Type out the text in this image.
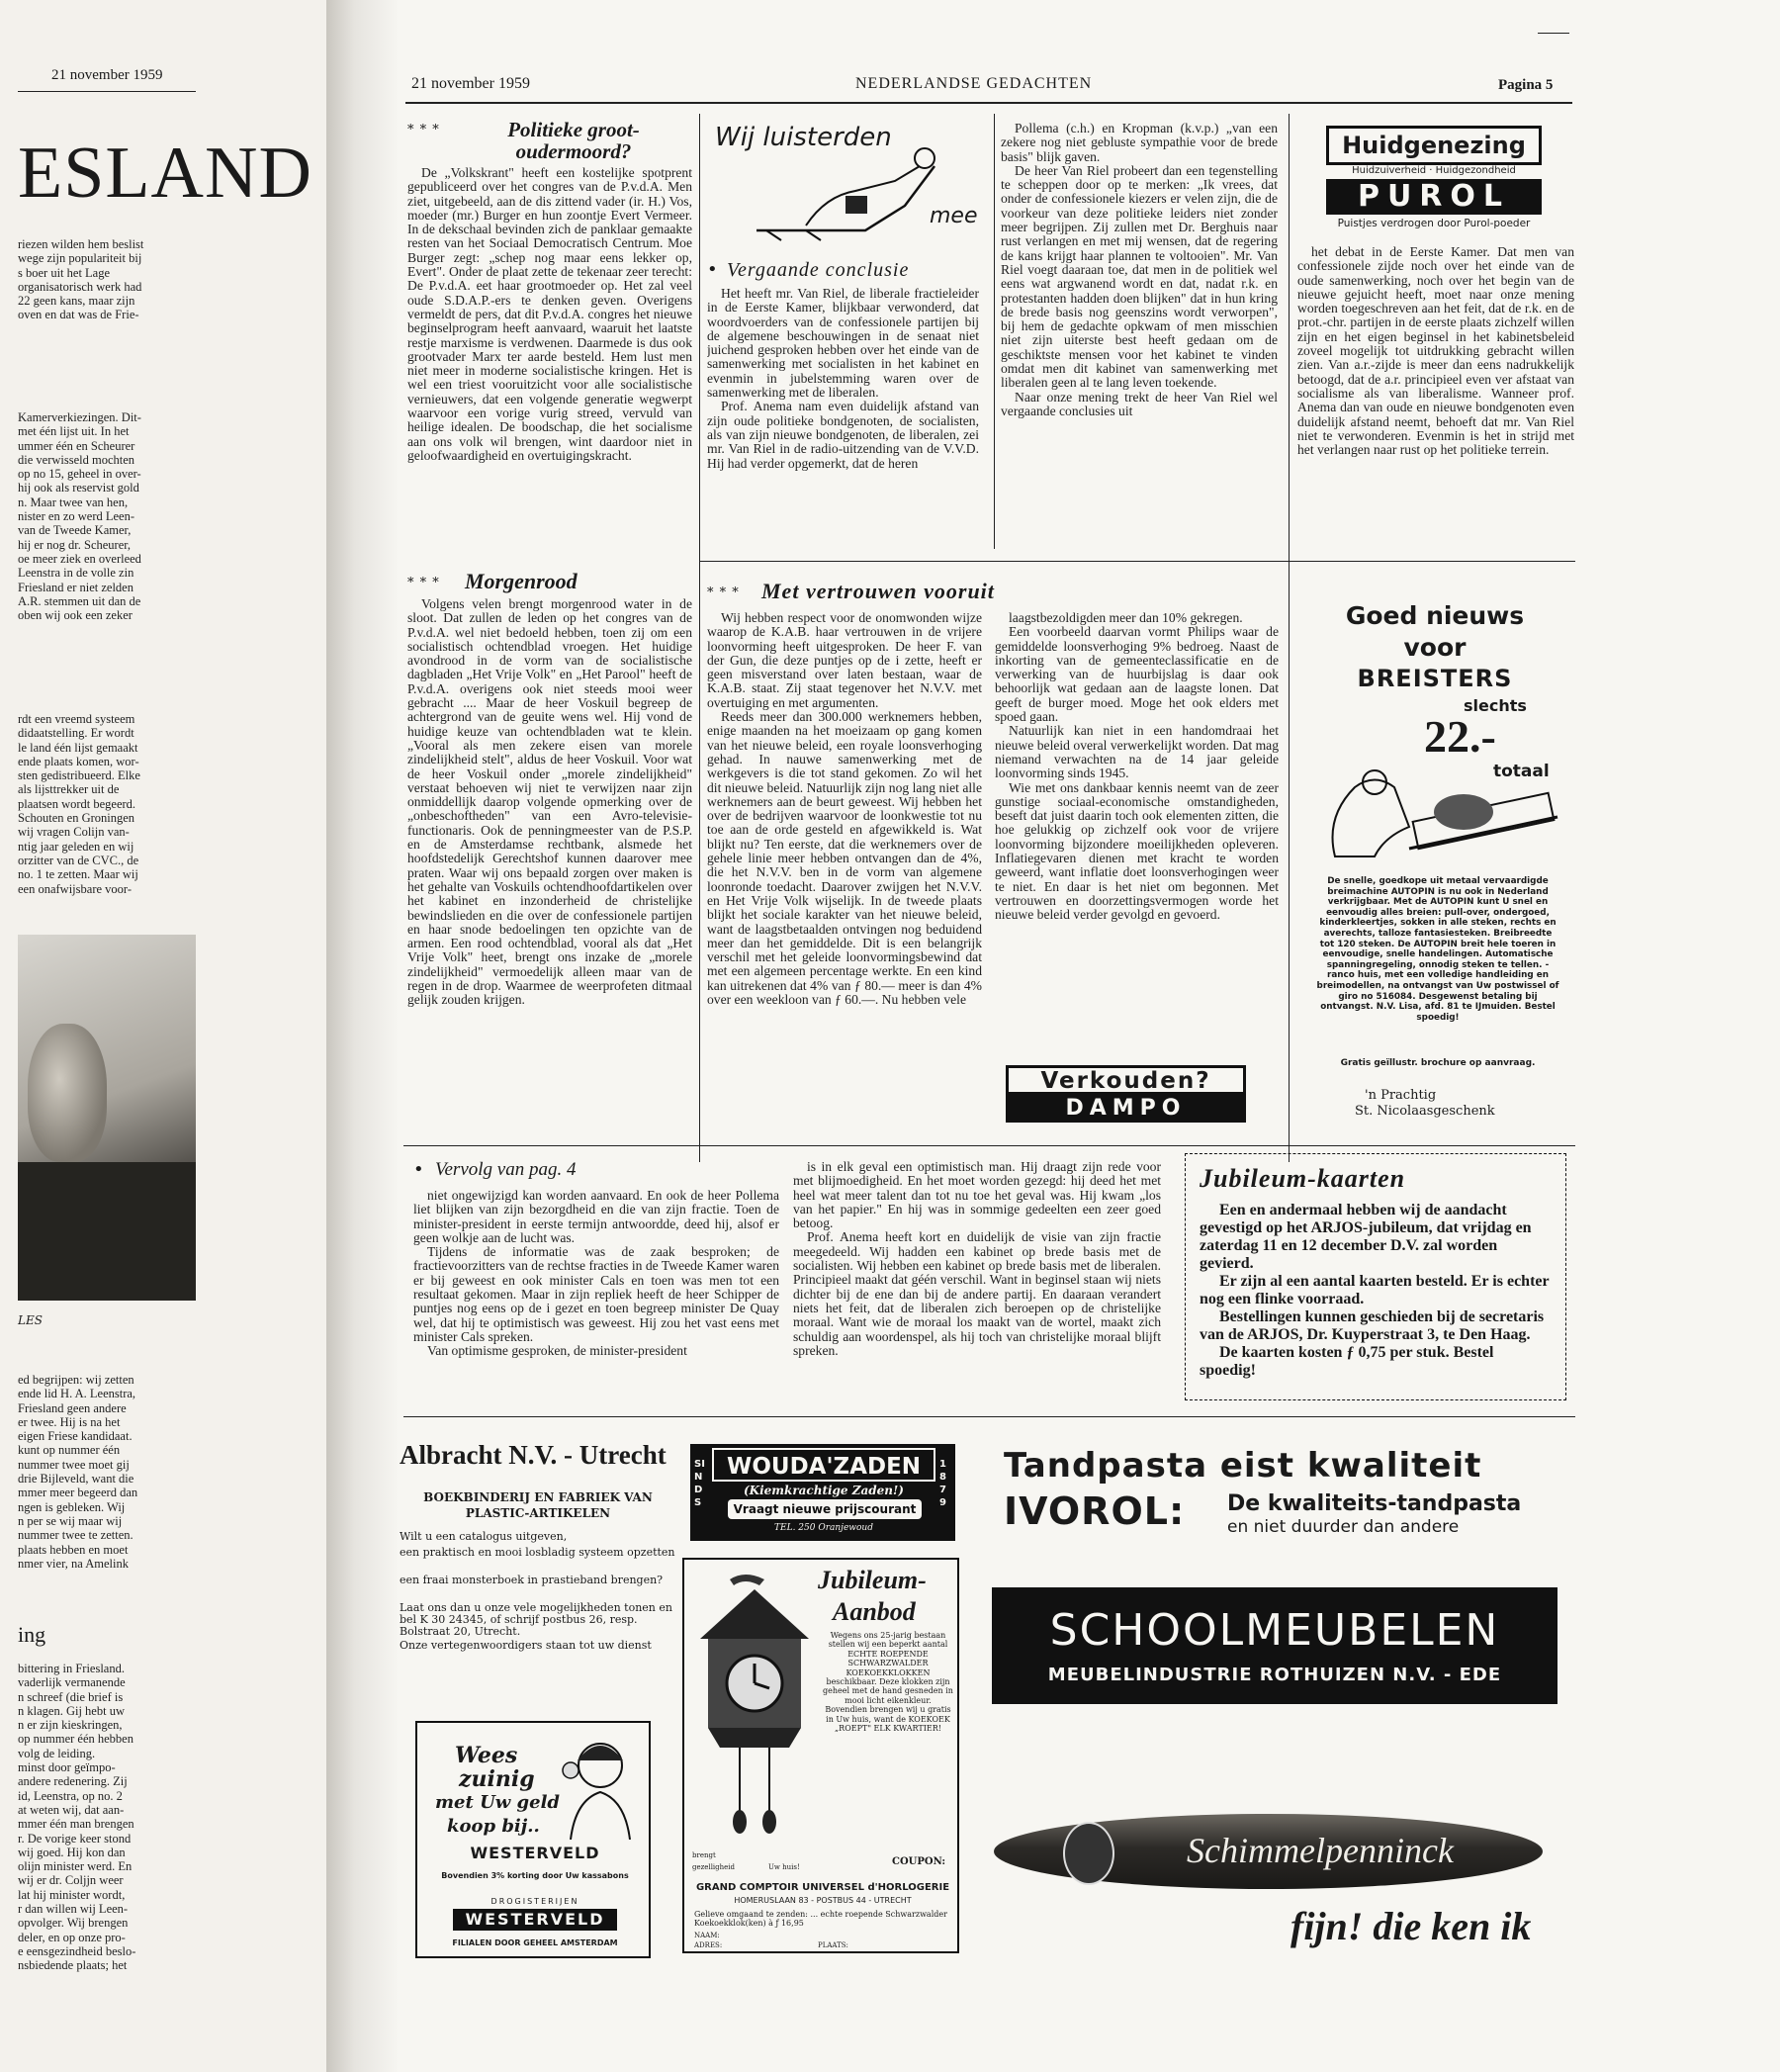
21 november 1959
ESLAND
riezen wilden hem beslist
wege zijn populariteit bij
s boer uit het Lage
organisatorisch werk had
22 geen kans, maar zijn
oven en dat was de Frie-
Kamerverkiezingen. Dit-
met één lijst uit. In het
ummer één en Scheurer
die verwisseld mochten
op no 15, geheel in over-
hij ook als reservist gold
n. Maar twee van hen,
nister en zo werd Leen-
van de Tweede Kamer,
hij er nog dr. Scheurer,
oe meer ziek en overleed
Leenstra in de volle zin
Friesland er niet zelden
A.R. stemmen uit dan de
oben wij ook een zeker
rdt een vreemd systeem
didaatstelling. Er wordt
le land één lijst gemaakt
ende plaats komen, wor-
sten gedistribueerd. Elke
als lijsttrekker uit de
plaatsen wordt begeerd.
Schouten en Groningen
wij vragen Colijn van-
ntig jaar geleden en wij
orzitter van de CVC., de
no. 1 te zetten. Maar wij
een onafwijsbare voor-
LES
ed begrijpen: wij zetten
ende lid H. A. Leenstra,
Friesland geen andere
er twee. Hij is na het
eigen Friese kandidaat.
kunt op nummer één
nummer twee moet gij
drie Bijleveld, want die
mmer meer begeerd dan
ngen is gebleken. Wij
n per se wij maar wij
nummer twee te zetten.
plaats hebben en moet
nmer vier, na Amelink
ing
bittering in Friesland.
vaderlijk vermanende
n schreef (die brief is
n klagen. Gij hebt uw
n er zijn kieskringen,
op nummer één hebben
volg de leiding.
minst door geïmpo-
andere redenering. Zij
id, Leenstra, op no. 2
at weten wij, dat aan-
mmer één man brengen
r. De vorige keer stond
wij goed. Hij kon dan
olijn minister werd. En
wij er dr. Coljjn weer
lat hij minister wordt,
r dan willen wij Leen-
opvolger. Wij brengen
deler, en op onze pro-
e eensgezindheid beslo-
nsbiedende plaats; het
21 november 1959	NEDERLANDSE GEDACHTEN	Pagina 5
* * *	Politieke groot-oudermoord?

De „Volkskrant" heeft een kostelijke spotprent gepubliceerd over het congres van de P.v.d.A. Men ziet, uitgebeeld, aan de dis zittend vader (ir. H.) Vos, moeder (mr.) Burger en hun zoontje Evert Vermeer. In de dekschaal bevinden zich de panklaar gemaakte resten van het Sociaal Democratisch Centrum. Moe Burger zegt: „schep nog maar eens lekker op, Evert". Onder de plaat zette de tekenaar zeer terecht: De P.v.d.A. eet haar grootmoeder op. Het zal veel oude S.D.A.P.-ers te denken geven. Overigens vermeldt de pers, dat dit P.v.d.A. congres het nieuwe beginselprogram heeft aanvaard, waaruit het laatste restje marxisme is verdwenen. Daarmede is dus ook grootvader Marx ter aarde besteld. Hem lust men niet meer in moderne socialistische kringen. Het is wel een triest vooruitzicht voor alle socialistische vernieuwers, dat een volgende generatie wegwerpt waarvoor een vorige vurig streed, vervuld van heilige idealen. De boodschap, die het socialisme aan ons volk wil brengen, wint daardoor niet in geloofwaardigheid en overtuigingskracht.

* * * Morgenrood

Volgens velen brengt morgenrood water in de sloot. Dat zullen de leden op het congres van de P.v.d.A. wel niet bedoeld hebben, toen zij om een socialistisch ochtendblad vroegen. Het huidige avondrood in de vorm van de socialistische dagbladen „Het Vrije Volk" en „Het Parool" heeft de P.v.d.A. overigens ook niet steeds mooi weer gebracht .... Maar de heer Voskuil begreep de achtergrond van de geuite wens wel. Hij vond de huidige keuze van ochtendbladen wat te klein. „Vooral als men zekere eisen van morele zindelijkheid stelt", aldus de heer Voskuil. Voor wat de heer Voskuil onder „morele zindelijkheid" verstaat behoeven wij niet te verwijzen naar zijn onmiddellijk daarop volgende opmerking over de „onbeschoftheden" van een Avro-televisie-functionaris. Ook de penningmeester van de P.S.P. en de Amsterdamse rechtbank, alsmede het hoofdstedelijk Gerechtshof kunnen daarover mee praten. Waar wij ons bepaald zorgen over maken is het gehalte van Voskuils ochtendhoofdartikelen over het kabinet en inzonderheid de christelijke bewindslieden en die over de confessionele partijen en haar snode bedoelingen ten opzichte van de armen. Een rood ochtendblad, vooral als dat „Het Vrije Volk" heet, brengt ons inzake de „morele zindelijkheid" vermoedelijk alleen maar van de regen in de drop. Waarmee de weerprofeten ditmaal gelijk zouden krijgen.

Wij luisterden
mee
• Vergaande conclusie

Het heeft mr. Van Riel, de liberale fractieleider in de Eerste Kamer, blijkbaar verwonderd, dat woordvoerders van de confessionele partijen bij de algemene beschouwingen in de senaat niet juichend gesproken hebben over het einde van de samenwerking met socialisten in het kabinet en evenmin in jubelstemming waren over de samenwerking met de liberalen.

Prof. Anema nam even duidelijk afstand van zijn oude politieke bondgenoten, de socialisten, als van zijn nieuwe bondgenoten, de liberalen, zei mr. Van Riel in de radio-uitzending van de V.V.D. Hij had verder opgemerkt, dat de heren

Pollema (c.h.) en Kropman (k.v.p.) „van een zekere nog niet gebluste sympathie voor de brede basis" blijk gaven.

De heer Van Riel probeert dan een tegenstelling te scheppen door op te merken: „Ik vrees, dat onder de confessionele kiezers er velen zijn, die de voorkeur van deze politieke leiders niet zonder meer begrijpen. Zij zullen met Dr. Berghuis naar rust verlangen en met mij wensen, dat de regering de kans krijgt haar plannen te voltooien". Mr. Van Riel voegt daaraan toe, dat men in de politiek wel eens wat argwanend wordt en dat, nadat r.k. en protestanten hadden doen blijken" dat in hun kring de brede basis nog geenszins wordt verworpen", bij hem de gedachte opkwam of men misschien niet zijn uiterste best heeft gedaan om de geschiktste mensen voor het kabinet te vinden omdat men dit kabinet van samenwerking met liberalen geen al te lang leven toekende.

Naar onze mening trekt de heer Van Riel wel vergaande conclusies uit

Huidgenezing
Huidzuiverheid · Huidgezondheid
PUROL
Puistjes verdrogen door Purol-poeder

het debat in de Eerste Kamer. Dat men van confessionele zijde noch over het einde van de oude samenwerking, noch over het begin van de nieuwe gejuicht heeft, moet naar onze mening worden toegeschreven aan het feit, dat de r.k. en de prot.-chr. partijen in de eerste plaats zichzelf willen zijn en het eigen beginsel in het kabinetsbeleid zoveel mogelijk tot uitdrukking gebracht willen zien. Van a.r.-zijde is meer dan eens nadrukkelijk betoogd, dat de a.r. principieel even ver afstaat van socialisme als van liberalisme. Wanneer prof. Anema dan van oude en nieuwe bondgenoten even duidelijk afstand neemt, behoeft dat mr. Van Riel niet te verwonderen. Evenmin is het in strijd met het verlangen naar rust op het politieke terrein.

* * * Met vertrouwen vooruit

Wij hebben respect voor de onomwonden wijze waarop de K.A.B. haar vertrouwen in de vrijere loonvorming heeft uitgesproken. De heer F. van der Gun, die deze puntjes op de i zette, heeft er geen misverstand over laten bestaan, waar de K.A.B. staat. Zij staat tegenover het N.V.V. met overtuiging en met argumenten.

Reeds meer dan 300.000 werknemers hebben, enige maanden na het moeizaam op gang komen van het nieuwe beleid, een royale loonsverhoging gehad. In nauwe samenwerking met de werkgevers is die tot stand gekomen. Zo wil het dit nieuwe beleid. Natuurlijk zijn nog lang niet alle werknemers aan de beurt geweest. Wij hebben het over de bedrijven waarvoor de loonkwestie tot nu toe aan de orde gesteld en afgewikkeld is. Wat blijkt nu? Ten eerste, dat die werknemers over de gehele linie meer hebben ontvangen dan de 4%, die het N.V.V. ben in de vorm van algemene loonronde toedacht. Daarover zwijgen het N.V.V. en Het Vrije Volk wijselijk. In de tweede plaats blijkt het sociale karakter van het nieuwe beleid, want de laagstbetaalden ontvingen nog beduidend meer dan het gemiddelde. Dit is een belangrijk verschil met het geleide loonvormingsbewind dat met een algemeen percentage werkte. En een kind kan uitrekenen dat 4% van ƒ 80.— meer is dan 4% over een weekloon van ƒ 60.—. Nu hebben vele

laagstbezoldigden meer dan 10% gekregen.

Een voorbeeld daarvan vormt Philips waar de gemiddelde loonsverhoging 9% bedroeg. Naast de inkorting van de gemeenteclassificatie en de verwerking van de huurbijslag is daar ook behoorlijk wat gedaan aan de laagste lonen. Dat geeft de burger moed. Moge het ook elders met spoed gaan.

Natuurlijk kan niet in een handomdraai het nieuwe beleid overal verwerkelijkt worden. Dat mag niemand verwachten na de 14 jaar geleide loonvorming sinds 1945.

Wie met ons dankbaar kennis neemt van de zeer gunstige sociaal-economische omstandigheden, beseft dat juist daarin toch ook elementen zitten, die hoe gelukkig op zichzelf ook voor de vrijere loonvorming bijzondere moeilijkheden opleveren. Inflatiegevaren dienen met kracht te worden geweerd, want inflatie doet loonsverhogingen weer te niet. En daar is het niet om begonnen. Met vertrouwen en doorzettingsvermogen worde het nieuwe beleid verder gevolgd en gevoerd.

Verkouden?
DAMPO
Goed nieuws
voor
BREISTERS
slechts
22.-
totaal
De snelle, goedkope uit metaal vervaardigde breimachine AUTOPIN is nu ook in Nederland verkrijgbaar. Met de AUTOPIN kunt U snel en eenvoudig alles breien: pull-over, ondergoed, kinderkleertjes, sokken in alle steken, rechts en averechts, talloze fantasiesteken. Breibreedte tot 120 steken. De AUTOPIN breit hele toeren in eenvoudige, snelle handelingen. Automatische spanningregeling, onnodig steken te tellen. - ranco huis, met een volledige handleiding en breimodellen, na ontvangst van Uw postwissel of giro no 516084. Desgewenst betaling bij ontvangst. N.V. Lisa, afd. 81 te IJmuiden. Bestel spoedig!
Gratis geïllustr. brochure op aanvraag.
'n Prachtig
St. Nicolaasgeschenk
• Vervolg van pag. 4

niet ongewijzigd kan worden aanvaard. En ook de heer Pollema liet blijken van zijn bezorgdheid en die van zijn fractie. Toen de minister-president in eerste termijn antwoordde, deed hij, alsof er geen wolkje aan de lucht was.

Tijdens de informatie was de zaak besproken; de fractievoorzitters van de rechtse fracties in de Tweede Kamer waren er bij geweest en ook minister Cals en toen was men tot een resultaat gekomen. Maar in zijn repliek heeft de heer Schipper de puntjes nog eens op de i gezet en toen begreep minister De Quay wel, dat hij te optimistisch was geweest. Hij zou het vast eens met minister Cals spreken.

Van optimisme gesproken, de minister-president

is in elk geval een optimistisch man. Hij draagt zijn rede voor met blijmoedigheid. En het moet worden gezegd: hij deed het met heel wat meer talent dan tot nu toe het geval was. Hij kwam „los van het papier." En hij was in sommige gedeelten een zeer goed betoog.

Prof. Anema heeft kort en duidelijk de visie van zijn fractie meegedeeld. Wij hadden een kabinet op brede basis met de socialisten. Wij hebben een kabinet op brede basis met de liberalen. Principieel maakt dat géén verschil. Want in beginsel staan wij niets dichter bij de ene dan bij de andere partij. En daaraan verandert niets het feit, dat de liberalen zich beroepen op de christelijke moraal. Want wie de moraal los maakt van de wortel, maakt zich schuldig aan woordenspel, als hij toch van christelijke moraal blijft spreken.

Jubileum-kaarten
Een en andermaal hebben wij de aandacht gevestigd op het ARJOS-jubileum, dat vrijdag en zaterdag 11 en 12 december D.V. zal worden gevierd.
Er zijn al een aantal kaarten besteld. Er is echter nog een flinke voorraad.
Bestellingen kunnen geschieden bij de secretaris van de ARJOS, Dr. Kuyperstraat 3, te Den Haag.
De kaarten kosten ƒ 0,75 per stuk. Bestel spoedig!
Albracht N.V. - Utrecht
BOEKBINDERIJ EN FABRIEK VAN PLASTIC-ARTIKELEN
Wilt u een catalogus uitgeven,
een praktisch en mooi losbladig systeem opzetten
een fraai monsterboek in prastieband brengen?
Laat ons dan u onze vele mogelijkheden tonen en bel K 30 24345, of schrijf postbus 26, resp. Bolstraat 20, Utrecht.
Onze vertegenwoordigers staan tot uw dienst
SINDS
WOUDA'ZADEN
(Kiemkrachtige Zaden!)
Vraagt nieuwe prijscourant
TEL. 250 Oranjewoud
1879
Tandpasta eist kwaliteit
IVOROL: De kwaliteits-tandpasta
en niet duurder dan andere
Jubileum-
Aanbod
Wegens ons 25-jarig bestaan stellen wij een beperkt aantal ECHTE ROEPENDE SCHWARZWALDER KOEKOEKKLOKKEN beschikbaar. Deze klokken zijn geheel met de hand gesneden in mooi licht eikenkleur. Bovendien brengen wij u gratis in Uw huis, want de KOEKOEK „ROEPT" ELK KWARTIER!
brengt
gezelligheid	Uw huis!	COUPON:
GRAND COMPTOIR UNIVERSEL d'HORLOGERIE
HOMERUSLAAN 83 - POSTBUS 44 - UTRECHT
Gelieve omgaand te zenden: ... echte roepende Schwarzwalder Koekoekklok(ken) à ƒ 16,95
NAAM:
ADRES:	PLAATS:
SCHOOLMEUBELEN
MEUBELINDUSTRIE ROTHUIZEN N.V. - EDE
Wees
zuinig
met Uw geld
koop bij..
WESTERVELD
Bovendien 3% korting door Uw kassabons
DROGISTERIJEN
WESTERVELD
FILIALEN DOOR GEHEEL AMSTERDAM
Schimmelpenninck
fijn! die ken ik
